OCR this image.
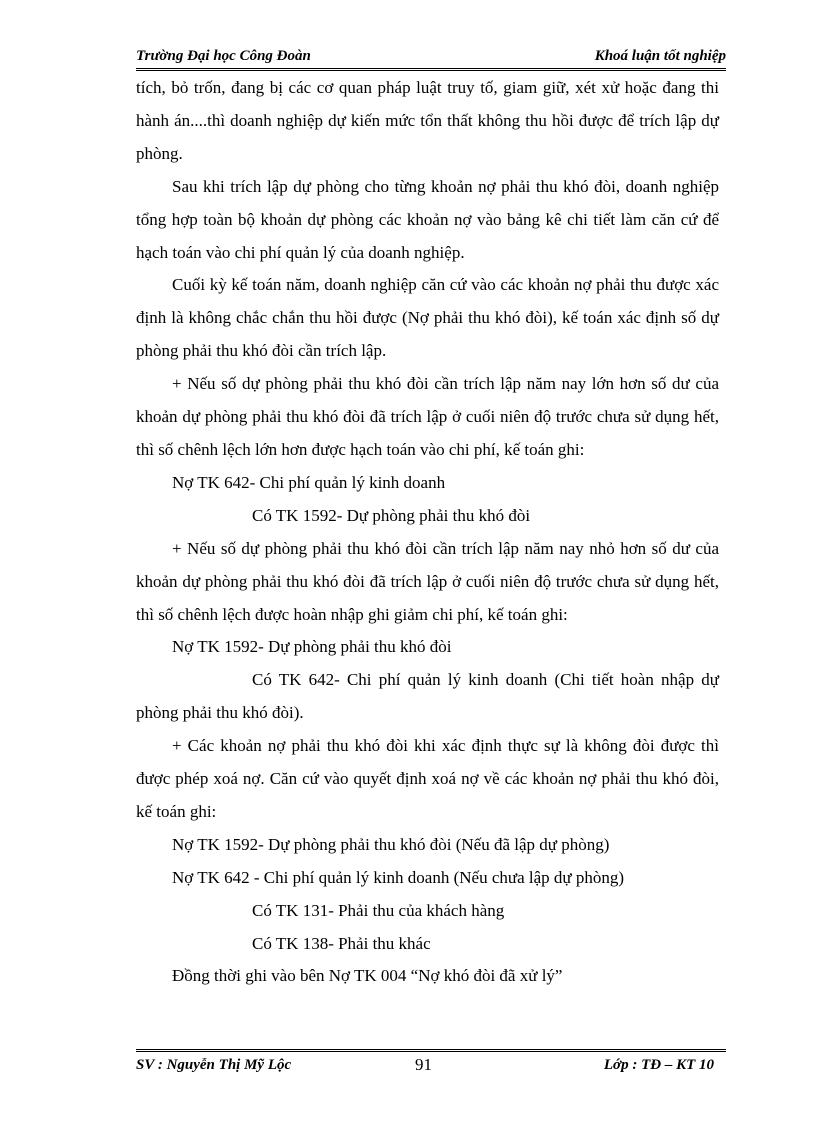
Trường Đại học Công Đoàn	Khoá luận tốt nghiệp

tích, bỏ trốn, đang bị các cơ quan pháp luật truy tố, giam giữ, xét xử hoặc đang thi hành án....thì doanh nghiệp dự kiến mức tổn thất không thu hồi được để trích lập dự phòng.

Sau khi trích lập dự phòng cho từng khoản nợ phải thu khó đòi, doanh nghiệp tổng hợp toàn bộ khoản dự phòng các khoản nợ vào bảng kê chi tiết làm căn cứ để hạch toán vào chi phí quản lý của doanh nghiệp.

Cuối kỳ kế toán năm, doanh nghiệp căn cứ vào các khoản nợ phải thu được xác định là không chắc chắn thu hồi được (Nợ phải thu khó đòi), kế toán xác định số dự phòng phải thu khó đòi cần trích lập.

+ Nếu số dự phòng phải thu khó đòi cần trích lập năm nay lớn hơn số dư của khoản dự phòng phải thu khó đòi đã trích lập ở cuối niên độ trước chưa sử dụng hết, thì số chênh lệch lớn hơn được hạch toán vào chi phí, kế toán ghi:

Nợ TK 642- Chi phí quản lý kinh doanh

Có TK 1592- Dự phòng phải thu khó đòi

+ Nếu số dự phòng phải thu khó đòi cần trích lập năm nay nhỏ hơn số dư của khoản dự phòng phải thu khó đòi đã trích lập ở cuối niên độ trước chưa sử dụng hết, thì số chênh lệch được hoàn nhập ghi giảm chi phí, kế toán ghi:

Nợ TK 1592- Dự phòng phải thu khó đòi

Có TK 642- Chi phí quản lý kinh doanh (Chi tiết hoàn nhập dự phòng phải thu khó đòi).

+ Các khoản nợ phải thu khó đòi khi xác định thực sự là không đòi được thì được phép xoá nợ. Căn cứ vào quyết định xoá nợ về các khoản nợ phải thu khó đòi, kế toán ghi:

Nợ TK 1592- Dự phòng phải thu khó đòi (Nếu đã lập dự phòng)

Nợ TK 642 - Chi phí quản lý kinh doanh (Nếu chưa lập dự phòng)

Có TK 131- Phải thu của khách hàng

Có TK 138- Phải thu khác

Đồng thời ghi vào bên Nợ TK 004 “Nợ khó đòi đã xử lý”

SV : Nguyễn Thị Mỹ Lộc	91	Lớp : TĐ – KT 10
